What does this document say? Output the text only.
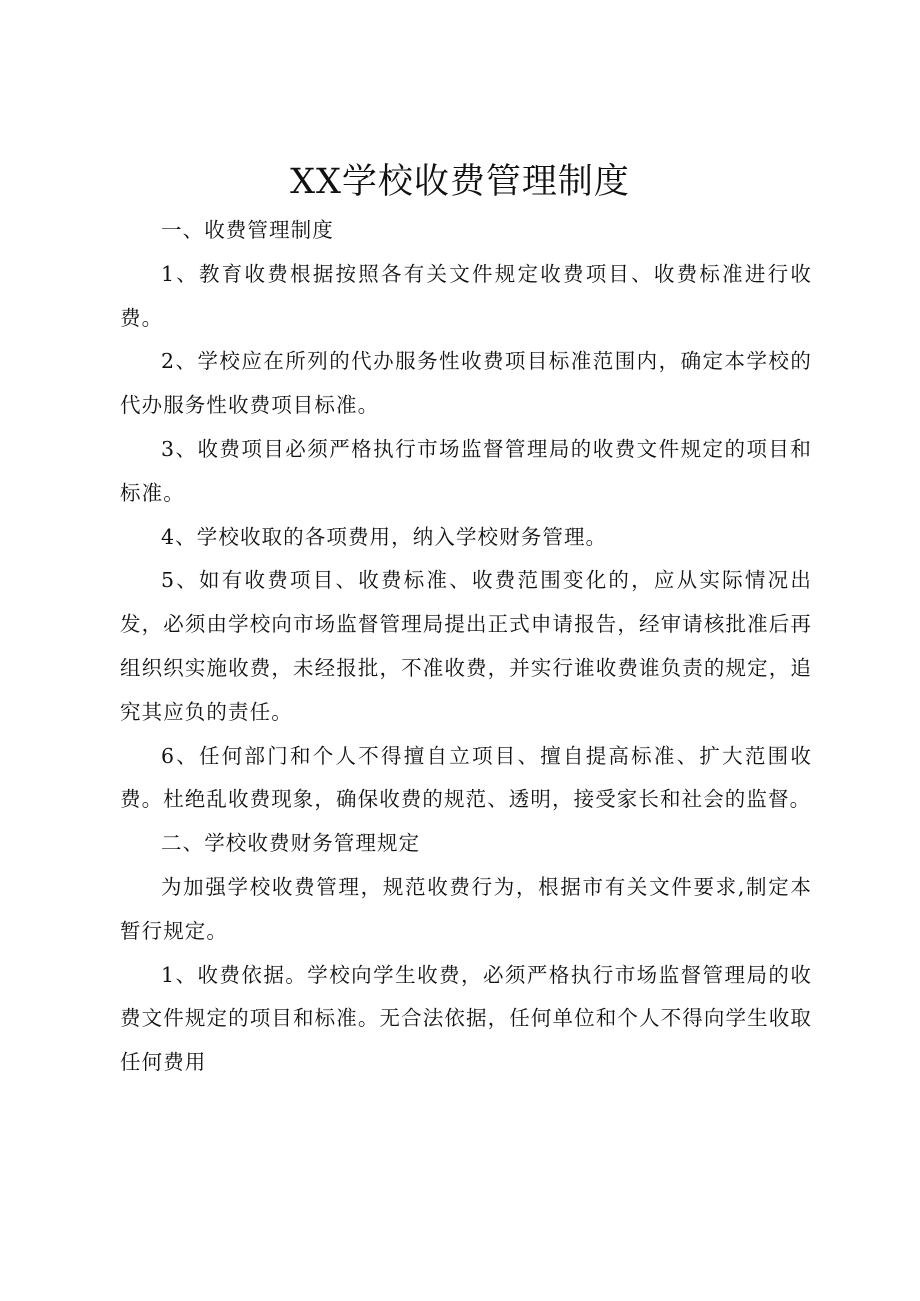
XX学校收费管理制度

一、收费管理制度

1、教育收费根据按照各有关文件规定收费项目、收费标准进行收费。

2、学校应在所列的代办服务性收费项目标准范围内，确定本学校的代办服务性收费项目标准。

3、收费项目必须严格执行市场监督管理局的收费文件规定的项目和标准。

4、学校收取的各项费用，纳入学校财务管理。

5、如有收费项目、收费标准、收费范围变化的，应从实际情况出发，必须由学校向市场监督管理局提出正式申请报告，经审请核批准后再组织织实施收费，未经报批，不准收费，并实行谁收费谁负责的规定，追究其应负的责任。

6、任何部门和个人不得擅自立项目、擅自提高标准、扩大范围收费。杜绝乱收费现象，确保收费的规范、透明，接受家长和社会的监督。

二、学校收费财务管理规定

为加强学校收费管理，规范收费行为，根据市有关文件要求,制定本暂行规定。

1、收费依据。学校向学生收费，必须严格执行市场监督管理局的收费文件规定的项目和标准。无合法依据，任何单位和个人不得向学生收取任何费用
